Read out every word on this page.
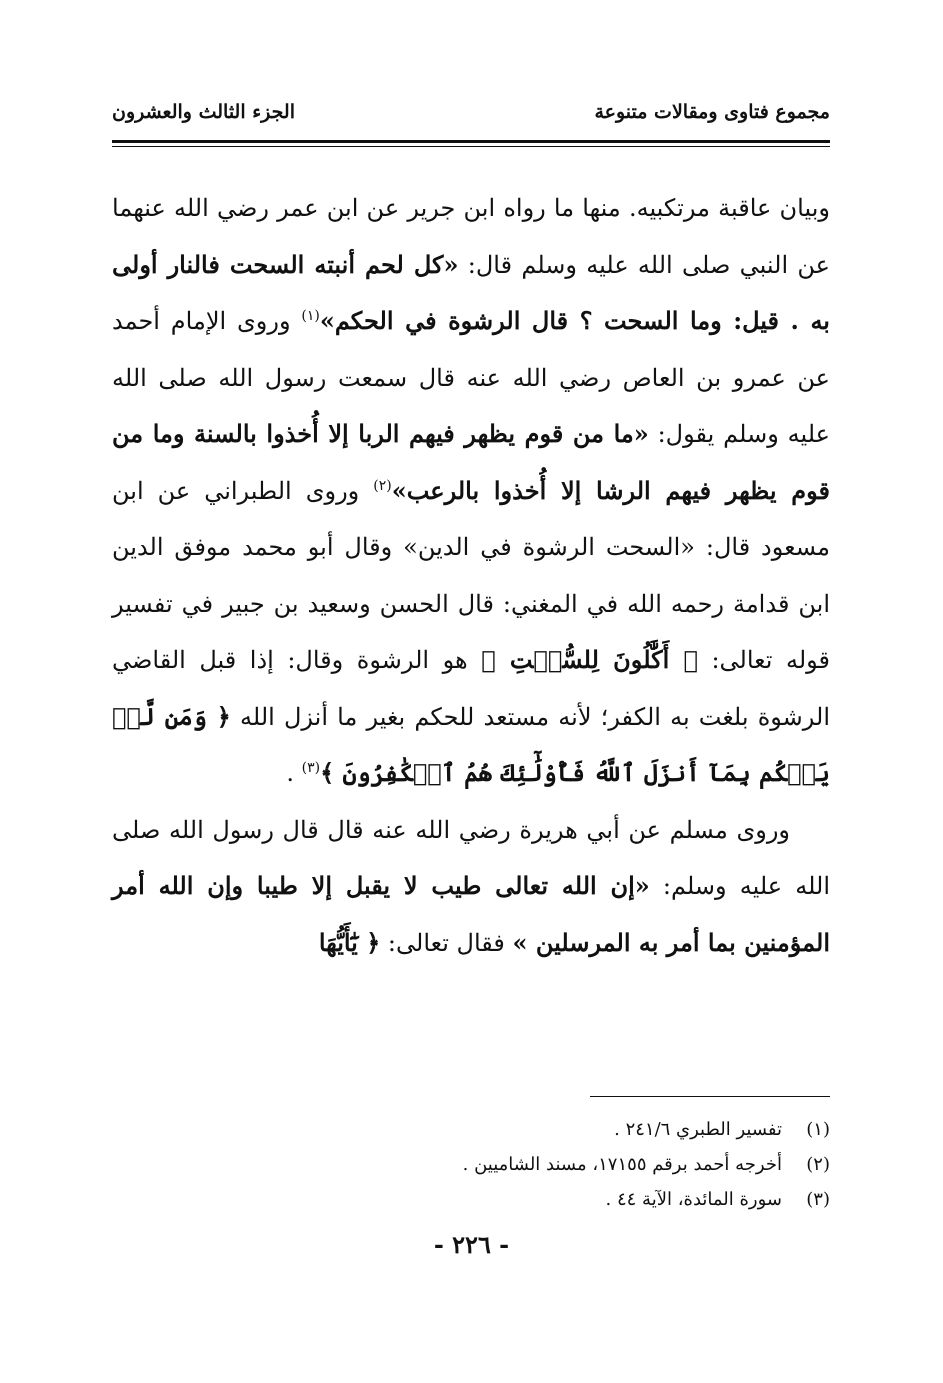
مجموع فتاوى ومقالات متنوعة
الجزء الثالث والعشرون

وبيان عاقبة مرتكبيه. منها ما رواه ابن جرير عن ابن عمر رضي الله عنهما عن النبي صلى الله عليه وسلم قال: «كل لحم أنبته السحت فالنار أولى به . قيل: وما السحت ؟ قال الرشوة في الحكم»$^{(١)}$ وروى الإمام أحمد عن عمرو بن العاص رضي الله عنه قال سمعت رسول الله صلى الله عليه وسلم يقول: «ما من قوم يظهر فيهم الربا إلا أُخذوا بالسنة وما من قوم يظهر فيهم الرشا إلا أُخذوا بالرعب»$^{(٢)}$ وروى الطبراني عن ابن مسعود قال: «السحت الرشوة في الدين» وقال أبو محمد موفق الدين ابن قدامة رحمه الله في المغني: قال الحسن وسعيد بن جبير في تفسير قوله تعالى: ﴿ أَكَّٰلُونَ لِلسُّحۡتِ ﴾ هو الرشوة وقال: إذا قبل القاضي الرشوة بلغت به الكفر؛ لأنه مستعد للحكم بغير ما أنزل الله ﴿ وَمَن لَّمۡ يَحۡكُم بِمَآ أَنزَلَ ٱللَّهُ فَأُوْلَٰٓئِكَ هُمُ ٱلۡكَٰفِرُونَ ﴾$^{(٣)}$ .

وروى مسلم عن أبي هريرة رضي الله عنه قال قال رسول الله صلى الله عليه وسلم: «إن الله تعالى طيب لا يقبل إلا طيبا وإن الله أمر المؤمنين بما أمر به المرسلين » فقال تعالى: ﴿ يَٰٓأَيُّهَا

(١)
تفسير الطبري ٢٤١/٦ .
(٢)
أخرجه أحمد برقم ١٧١٥٥، مسند الشاميين .
(٣)
سورة المائدة، الآية ٤٤ .
- ٢٢٦ -
